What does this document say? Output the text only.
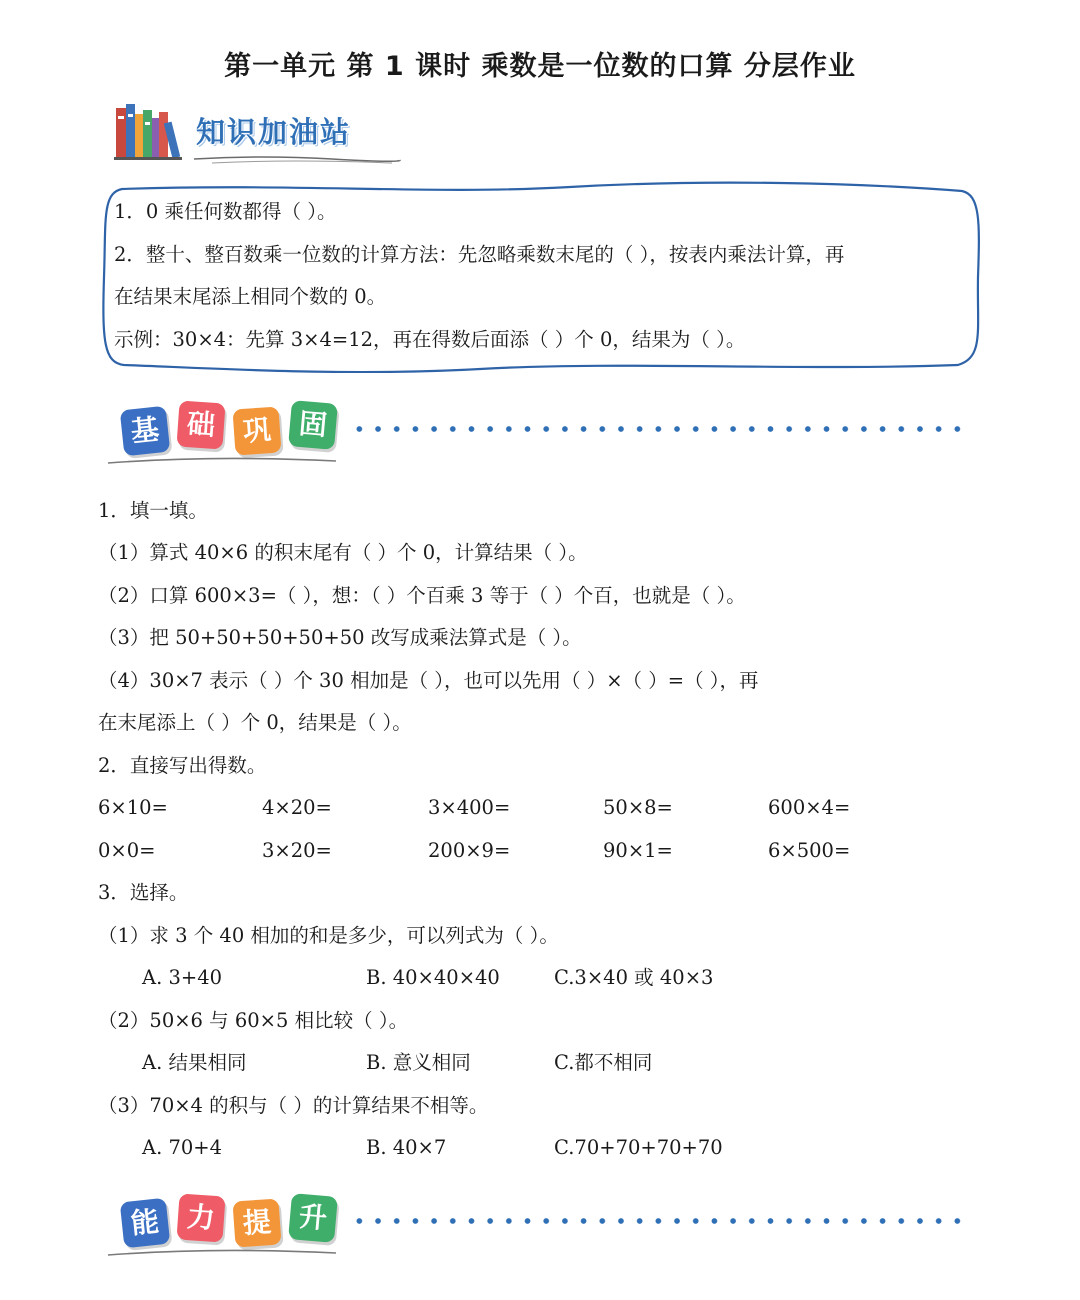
第一单元 第 1 课时 乘数是一位数的口算 分层作业
知识加油站
1．0 乘任何数都得（ ）。
2．整十、整百数乘一位数的计算方法：先忽略乘数末尾的（ ），按表内乘法计算，再
在结果末尾添上相同个数的 0。
示例：30×4：先算 3×4=12，再在得数后面添（ ）个 0，结果为（ ）。
基 础 巩 固
1．填一填。
（1）算式 40×6 的积末尾有（ ）个 0，计算结果（ ）。
（2）口算 600×3=（ ），想：（ ）个百乘 3 等于（ ）个百，也就是（ ）。
（3）把 50+50+50+50+50 改写成乘法算式是（ ）。
（4）30×7 表示（ ）个 30 相加是（ ），也可以先用（ ）×（ ）=（ ），再
在末尾添上（ ）个 0，结果是（ ）。
2．直接写出得数。
6×10=	4×20=	3×400=	50×8=	600×4=
0×0=	3×20=	200×9=	90×1=	6×500=
3．选择。
（1）求 3 个 40 相加的和是多少，可以列式为（ ）。
A. 3+40	B. 40×40×40	C.3×40 或 40×3
（2）50×6 与 60×5 相比较（ ）。
A. 结果相同	B. 意义相同	C.都不相同
（3）70×4 的积与（ ）的计算结果不相等。
A. 70+4	B. 40×7	C.70+70+70+70
能 力 提 升
